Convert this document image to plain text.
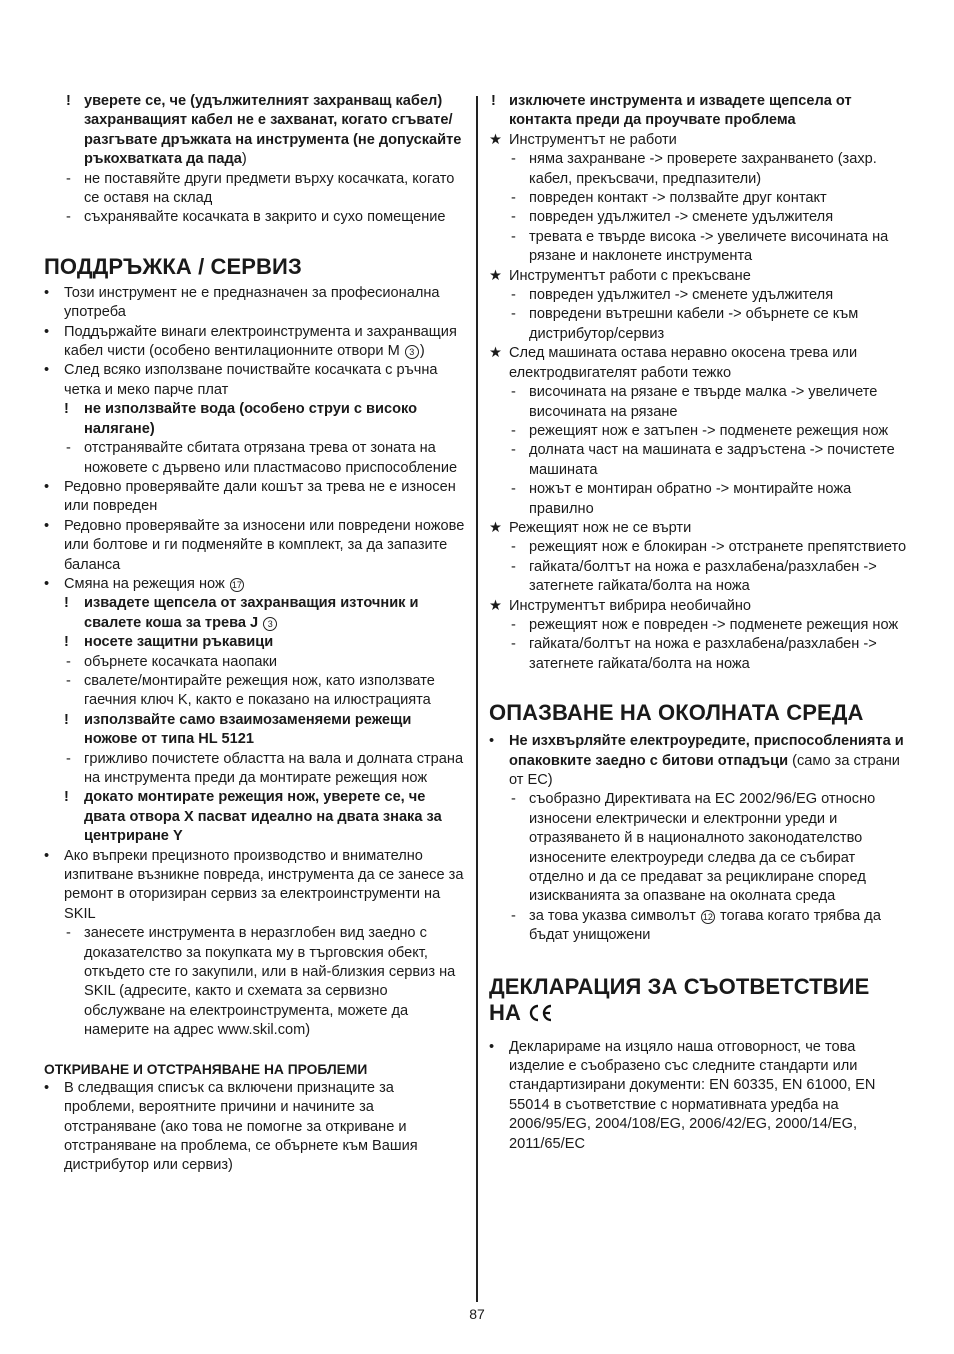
! уверете се, че (удължителният захранващ кабел) захранващият кабел не е захванат, когато сгъвате/разгъвате дръжката на инструмента (не допускайте ръкохватката да пада)
- не поставяйте други предмети върху косачката, когато се оставя на склад
- съхранявайте косачката в закрито и сухо помещение
ПОДДРЪЖКА / СЕРВИЗ
• Този инструмент не е предназначен за професионална употреба
• Поддържайте винаги електроинструмента и захранващия кабел чисти (особено вентилационните отвори M 3 )
• След всяко използване почиствайте косачката с ръчна четка и меко парче плат
! не използвайте вода (особено струи с високо налягане)
- отстранявайте сбитата отрязана трева от зоната на ножовете с дървено или пластмасово приспособление
• Редовно проверявайте дали кошът за трева не е износен или повреден
• Редовно проверявайте за износени или повредени ножове или болтове и ги подменяйте в комплект, за да запазите баланса
• Смяна на режещия нож 17
! извадете щепсела от захранващия източник и свалете коша за трева J 3
! носете защитни ръкавици
- обърнете косачката наопаки
- свалете/монтирайте режещия нож, като използвате гаечния ключ K, както е показано на илюстрацията
! използвайте само взаимозаменяеми режещи ножове от типа HL 5121
- грижливо почистете областта на вала и долната страна на инструмента преди да монтирате режещия нож
! докато монтирате режещия нож, уверете се, че двата отвора X пасват идеално на двата знака за центриране Y
• Ако въпреки прецизното производство и внимателно изпитване възникне повреда, инструмента да се занесе за ремонт в оторизиран сервиз за електроинструменти на SKIL
- занесете инструмента в неразглобен вид заедно с доказателство за покупката му в търговския обект, откъдето сте го закупили, или в най-близкия сервиз на SKIL (адресите, както и схемата за сервизно обслужване на електроинструмента, можете да намерите на адрес www.skil.com)
ОТКРИВАНЕ И ОТСТРАНЯВАНЕ НА ПРОБЛЕМИ
• В следващия списък са включени признаците за проблеми, вероятните причини и начините за отстраняване (ако това не помогне за откриване и отстраняване на проблема, се обърнете към Вашия дистрибутор или сервиз)
! изключете инструмента и извадете щепсела от контакта преди да проучвате проблема
★ Инструментът не работи
- няма захранване -> проверете захранването (захр. кабел, прекъсвачи, предпазители)
- повреден контакт -> ползвайте друг контакт
- повреден удължител -> сменете удължителя
- тревата е твърде висока -> увеличете височината на рязане и наклонете инструмента
★ Инструментът работи с прекъсване
- повреден удължител -> сменете удължителя
- повредени вътрешни кабели -> обърнете се към дистрибутор/сервиз
★ След машината остава неравно окосена трева или електродвигателят работи тежко
- височината на рязане е твърде малка -> увеличете височината на рязане
- режещият нож е затъпен -> подменете режещия нож
- долната част на машината е задръстена -> почистете машината
- ножът е монтиран обратно -> монтирайте ножа правилно
★ Режещият нож не се върти
- режещият нож е блокиран -> отстранете препятствието
- гайката/болтът на ножа е разхлабена/разхлабен -> затегнете гайката/болта на ножа
★ Инструментът вибрира необичайно
- режещият нож е повреден -> подменете режещия нож
- гайката/болтът на ножа е разхлабена/разхлабен -> затегнете гайката/болта на ножа
ОПАЗВАНЕ НА ОКОЛНАТА СРЕДА
• Не изхвърляйте електроуредите, приспособленията и опаковките заедно с битови отпадъци (само за страни от ЕС)
- съобразно Директивата на ЕС 2002/96/EG относно износени електрически и електронни уреди и отразяването й в националното законодателство износените електроуреди следва да се събират отделно и да се предават за рециклиране според изискванията за опазване на околната среда
- за това указва символът 12 тогава когато трябва да бъдат унищожени
ДЕКЛАРАЦИЯ ЗА СЪОТВЕТСТВИЕ
НА
• Декларираме на изцяло наша отговорност, че това изделие е съобразено със следните стандарти или стандартизирани документи: EN 60335, EN 61000, EN 55014 в съответствие с нормативната уредба на 2006/95/EG, 2004/108/EG, 2006/42/EG, 2000/14/EG, 2011/65/EC
87
